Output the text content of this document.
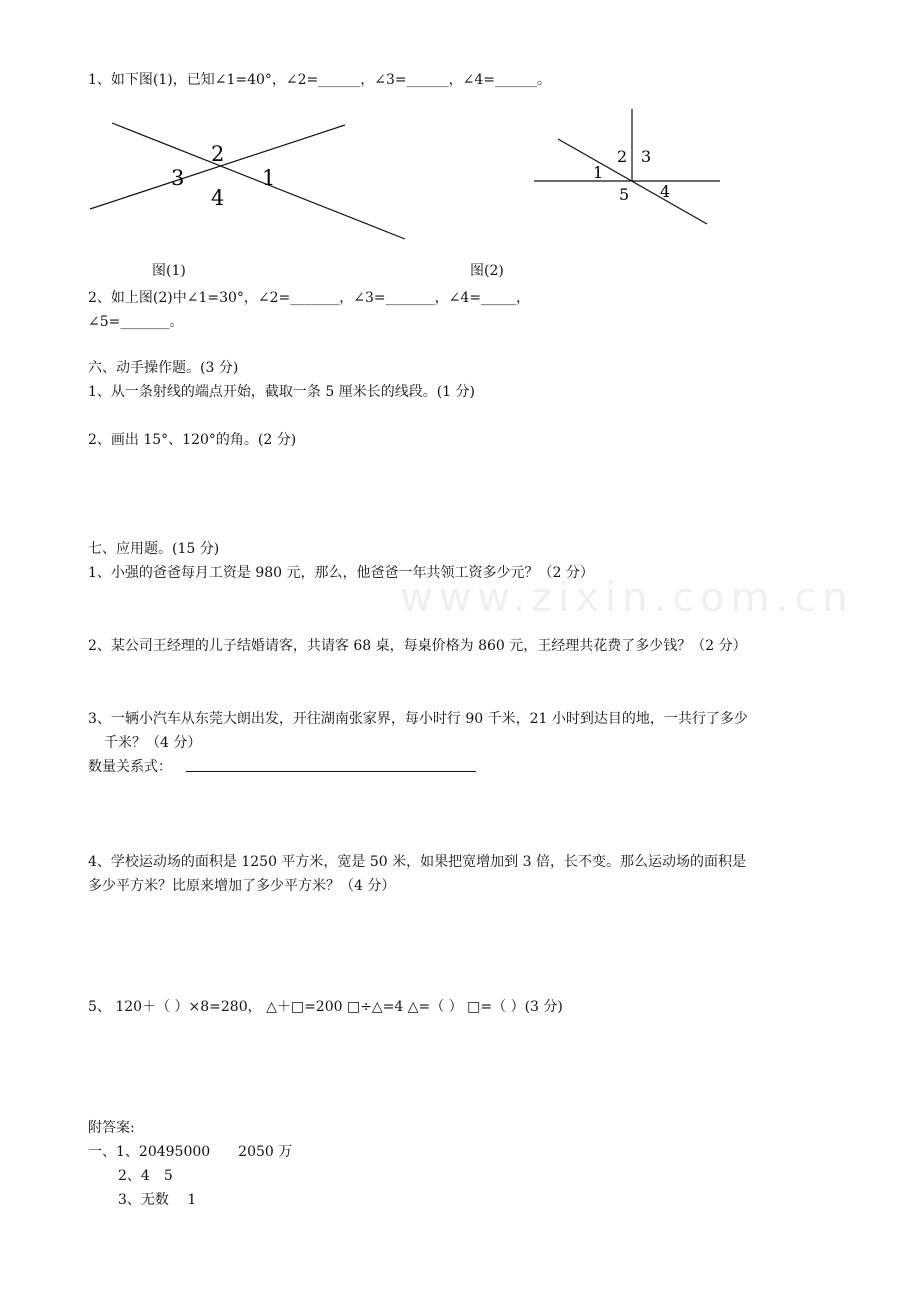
www.zixin.com.cn
1、如下图(1)，已知∠1=40°，∠2=______，∠3=______，∠4=______。
2
3	1
4
2 3
1
5 4
图(1)	图(2)
2、如上图(2)中∠1=30°，∠2=_______，∠3=_______，∠4=_____，
∠5=_______。
六、动手操作题。(3 分)
1、从一条射线的端点开始，截取一条 5 厘米长的线段。(1 分)
2、画出 15°、120°的角。(2 分)
七、应用题。(15 分)
1、小强的爸爸每月工资是 980 元，那么，他爸爸一年共领工资多少元？（2 分）
2、某公司王经理的儿子结婚请客，共请客 68 桌，每桌价格为 860 元，王经理共花费了多少钱？（2 分）
3、一辆小汽车从东莞大朗出发，开往湖南张家界，每小时行 90 千米，21 小时到达目的地，一共行了多少
千米？（4 分）
数量关系式：
4、学校运动场的面积是 1250 平方米，宽是 50 米，如果把宽增加到 3 倍，长不变。那么运动场的面积是
多少平方米？比原来增加了多少平方米？（4 分）
5、 120＋（ ）×8=280， △＋□=200 □÷△=4 △=（ ） □=（ ）(3 分)
附答案:
一、1、20495000　　2050 万
2、4　5
3、无数　 1
